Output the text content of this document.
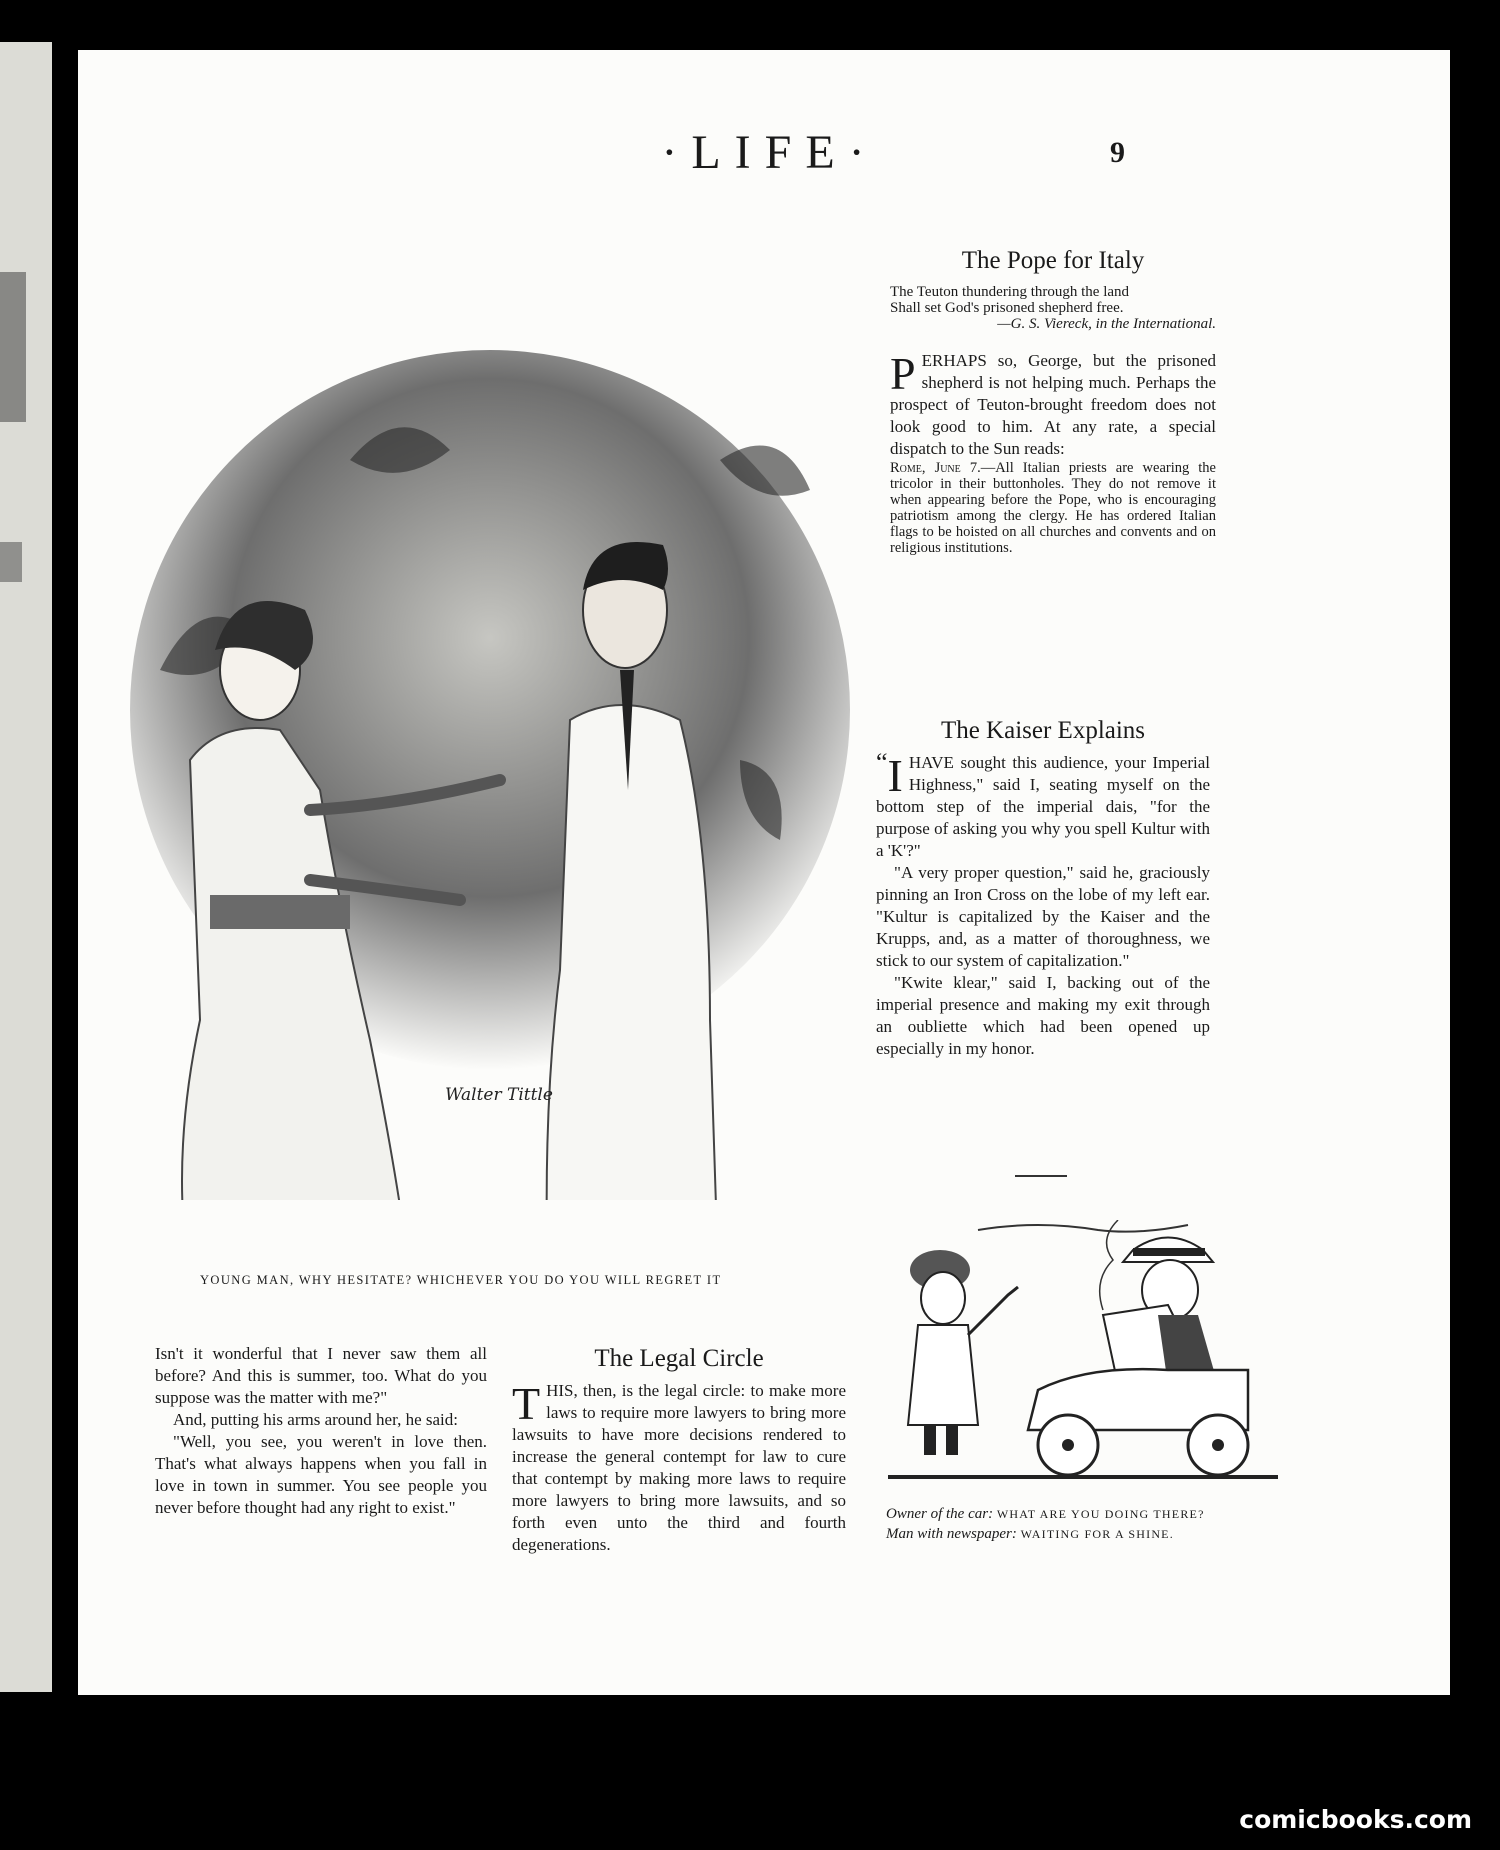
·LIFE·	9
Walter Tittle
YOUNG MAN, WHY HESITATE? WHICHEVER YOU DO YOU WILL REGRET IT
The Pope for Italy
The Teuton thundering through the land
Shall set God's prisoned shepherd free.
—G. S. Viereck, in the International.

PERHAPS so, George, but the prisoned shepherd is not helping much. Perhaps the prospect of Teuton-brought freedom does not look good to him. At any rate, a special dispatch to the Sun reads:

Rome, June 7.—All Italian priests are wearing the tricolor in their buttonholes. They do not remove it when appearing before the Pope, who is encouraging patriotism among the clergy. He has ordered Italian flags to be hoisted on all churches and convents and on religious institutions.

The Kaiser Explains

“ I HAVE sought this audience, your Imperial Highness," said I, seating myself on the bottom step of the imperial dais, "for the purpose of asking you why you spell Kultur with a 'K'?"

"A very proper question," said he, graciously pinning an Iron Cross on the lobe of my left ear. "Kultur is capitalized by the Kaiser and the Krupps, and, as a matter of thoroughness, we stick to our system of capitalization."

"Kwite klear," said I, backing out of the imperial presence and making my exit through an oubliette which had been opened up especially in my honor.

Isn't it wonderful that I never saw them all before? And this is summer, too. What do you suppose was the matter with me?"

And, putting his arms around her, he said:

"Well, you see, you weren't in love then. That's what always happens when you fall in love in town in summer. You see people you never before thought had any right to exist."

The Legal Circle

THIS, then, is the legal circle: to make more laws to require more lawyers to bring more lawsuits to have more decisions rendered to increase the general contempt for law to cure that contempt by making more laws to require more lawyers to bring more lawsuits, and so forth even unto the third and fourth degenerations.

Owner of the car: WHAT ARE YOU DOING THERE?

Man with newspaper: WAITING FOR A SHINE.

comicbooks.com
